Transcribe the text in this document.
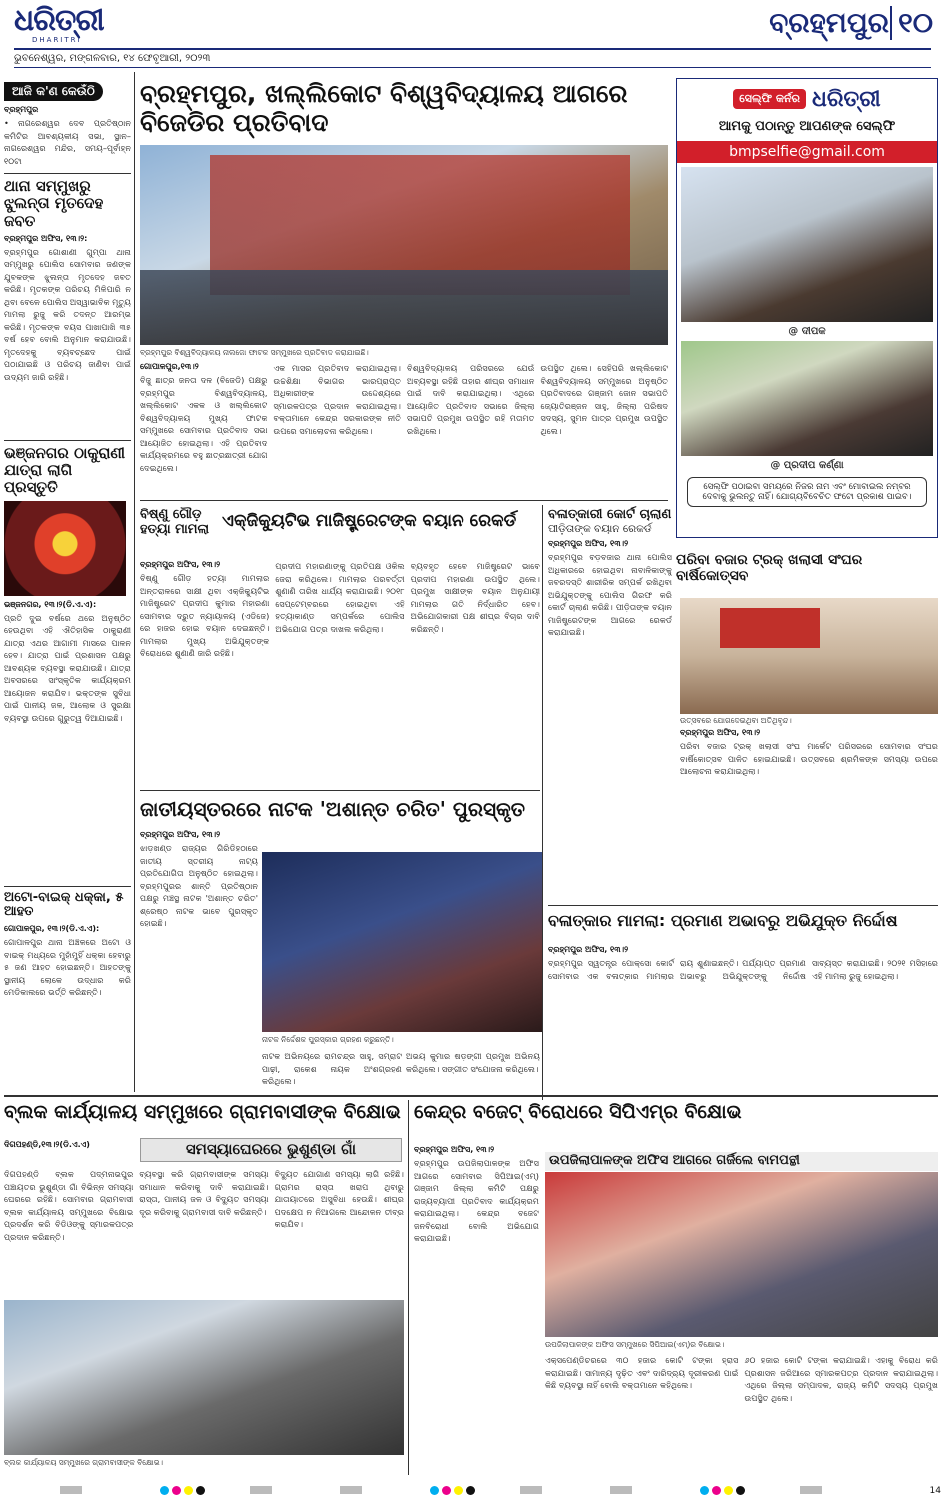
ଧରିତ୍ରୀ
DHARITRI
ବ୍ରହ୍ମପୁର ୧୦
ଭୁବନେଶ୍ୱର, ମଙ୍ଗଳବାର, ୧୪ ଫେବୃଆରୀ, ୨୦୨୩
ଆଜି କ'ଣ କେଉଁଠି
ବ୍ରହ୍ମପୁର
• ନାଗରେଶ୍ୱର ଦେବ ପ୍ରତିଷ୍ଠାନ କମିଟିର ଆବଶ୍ୟକୀୟ ସଭା, ସ୍ଥାନ–ନାଗରେଶ୍ୱର ମନ୍ଦିର, ସମୟ–ପୂର୍ବାହ୍ନ ୧୦ଟା
ଥାନା ସମ୍ମୁଖରୁ ଝୁଲନ୍ତା ମୃତଦେହ ଜବତ
ବ୍ରହ୍ମପୁର ଅଫିସ, ୧୩।୨:
ବ୍ରହ୍ମପୁର ଗୋଶାଣୀ ଗୁମ୍ପା ଥାନା ସମ୍ମୁଖରୁ ପୋଲିସ ସୋମବାର ଜଣଙ୍କ ଯୁବକଙ୍କ ଝୁଲନ୍ତା ମୃତଦେହ ଜବତ କରିଛି। ମୃତକଙ୍କ ପରିଚୟ ମିଳିପାରି ନ ଥିବା ବେଳେ ପୋଲିସ ଅସ୍ୱାଭାବିକ ମୃତ୍ୟୁ ମାମଲା ରୁଜୁ କରି ତଦନ୍ତ ଆରମ୍ଭ କରିଛି। ମୃତକଙ୍କ ବୟସ ପାଖାପାଖି ୩୫ ବର୍ଷ ହେବ ବୋଲି ଅନୁମାନ କରାଯାଉଛି। ମୃତଦେହକୁ ବ୍ୟବଚ୍ଛେଦ ପାଇଁ ପଠାଯାଇଛି ଓ ପରିଚୟ ଜାଣିବା ପାଇଁ ଉଦ୍ୟମ ଜାରି ରହିଛି।
ଭଞ୍ଜନଗର ଠାକୁରାଣୀ ଯାତ୍ରା ଲାଗି ପ୍ରସ୍ତୁତି
ଭଞ୍ଜନଗର, ୧୩।୨(ଡି.ଏ.ଏ):
ପ୍ରତି ଦୁଇ ବର୍ଷରେ ଥରେ ଅନୁଷ୍ଠିତ ହେଉଥିବା ଏହି ଐତିହାସିକ ଠାକୁରାଣୀ ଯାତ୍ରା ଏଥର ଆଗାମୀ ମାସରେ ପାଳନ ହେବ। ଯାତ୍ରା ପାଇଁ ପ୍ରଶାସନ ପକ୍ଷରୁ ଆବଶ୍ୟକ ବ୍ୟବସ୍ଥା କରାଯାଉଛି। ଯାତ୍ରା ଅବସରରେ ସାଂସ୍କୃତିକ କାର୍ଯ୍ୟକ୍ରମ ଆୟୋଜନ କରାଯିବ। ଭକ୍ତଙ୍କ ସୁବିଧା ପାଇଁ ପାନୀୟ ଜଳ, ଆଲୋକ ଓ ସୁରକ୍ଷା ବ୍ୟବସ୍ଥା ଉପରେ ଗୁରୁତ୍ୱ ଦିଆଯାଇଛି।
ଅଟୋ-ବାଇକ୍ ଧକ୍କା, ୫ ଆହତ
ଗୋପାଳପୁର, ୧୩।୨(ଡି.ଏ.ଏ):
ଗୋପାଳପୁର ଥାନା ଅଞ୍ଚଳରେ ଅଟୋ ଓ ବାଇକ୍ ମଧ୍ୟରେ ମୁହାଁମୁହିଁ ଧକ୍କା ହେବାରୁ ୫ ଜଣ ଆହତ ହୋଇଛନ୍ତି। ଆହତଙ୍କୁ ସ୍ଥାନୀୟ ଲୋକେ ଉଦ୍ଧାର କରି ମେଡିକାଲରେ ଭର୍ତ୍ତି କରିଛନ୍ତି।
ବ୍ରହ୍ମପୁର, ଖଲ୍ଲିକୋଟ ବିଶ୍ୱବିଦ୍ୟାଳୟ ଆଗରେ ବିଜେଡିର ପ୍ରତିବାଦ
ବ୍ରହ୍ମପୁର ବିଶ୍ୱବିଦ୍ୟାଳୟ ନାଲଜୋ ଫାଟକ ସମ୍ମୁଖରେ ପ୍ରତିବାଦ କରାଯାଇଛି।
ଗୋପାଳପୁର,୧୩।୨
ବିଜୁ ଛାତ୍ର ଜନତା ଦଳ (ବିଜେଡି) ପକ୍ଷରୁ ବ୍ରହ୍ମପୁର ବିଶ୍ୱବିଦ୍ୟାଳୟ, ଖଲ୍ଲିକୋଟ ଏକକ ଓ ଖଲ୍ଲିକୋଟ ବିଶ୍ୱବିଦ୍ୟାଳୟ ମୁଖ୍ୟ ଫାଟକ ସମ୍ମୁଖରେ ସୋମବାର ପ୍ରତିବାଦ ସଭା ଆୟୋଜିତ ହୋଇଥିଲା। ଏହି ପ୍ରତିବାଦ କାର୍ଯ୍ୟକ୍ରମରେ ବହୁ ଛାତ୍ରଛାତ୍ରୀ ଯୋଗ ଦେଇଥିଲେ।
ଏକ ମାସର ପ୍ରତିବାଦ କରାଯାଇଥିଲା। ଉଚ୍ଚଶିକ୍ଷା ବିଭାଗର ଭାରପ୍ରାପ୍ତ ଅଧିକାରୀଙ୍କ ଉଦ୍ଦେଶ୍ୟରେ ସ୍ମାରକପତ୍ର ପ୍ରଦାନ କରାଯାଇଥିଲା। ବକ୍ତାମାନେ କେନ୍ଦ୍ର ସରକାରଙ୍କ ନୀତି ଉପରେ ସମାଲୋଚନା କରିଥିଲେ।
ବିଶ୍ୱବିଦ୍ୟାଳୟ ପରିସରରେ ଯେଉଁ ଅବ୍ୟବସ୍ଥା ରହିଛି ତାହାର ଶୀଘ୍ର ସମାଧାନ ପାଇଁ ଦାବି କରାଯାଇଥିଲା। ଏଥିରେ ଆୟୋଜିତ ପ୍ରତିବାଦ ସଭାରେ ଜିଲ୍ଲା ସଭାପତି ପ୍ରମୁଖ ଉପସ୍ଥିତ ରହି ମତାମତ ରଖିଥିଲେ।
ଉପସ୍ଥିତ ଥିଲେ। ସେହିପରି ଖଲ୍ଲିକୋଟ ବିଶ୍ୱବିଦ୍ୟାଳୟ ସମ୍ମୁଖରେ ଅନୁଷ୍ଠିତ ପ୍ରତିବାଦରେ ଗଞ୍ଜାମ ଜୋନ ସଭାପତି ଜ୍ୟୋତିରଞ୍ଜନ ସାହୁ, ଜିଲ୍ଲା ପରିଷଦ ସଦସ୍ୟ, ସୁମନ ପାତ୍ର ପ୍ରମୁଖ ଉପସ୍ଥିତ ଥିଲେ।
ସେଲ୍ଫି କର୍ନର ଧରିତ୍ରୀ
ଆମକୁ ପଠାନ୍ତୁ ଆପଣଙ୍କ ସେଲ୍ଫି
bmpselfie@gmail.com
@ ଦୀପକ
@ ପ୍ରଦୀପ କର୍ଣ୍ଣା
ସେଲ୍ଫି ପଠାଇବା ସମୟରେ ନିଜର ନାମ ଏବଂ ମୋବାଇଲ ନମ୍ବର ଦେବାକୁ ଭୁଲନ୍ତୁ ନାହିଁ। ଯୋଗ୍ୟବିବେଚିତ ଫଟୋ ପ୍ରକାଶ ପାଇବ।
ବିଷ୍ଣୁ ଗୌଡ଼ ହତ୍ୟା ମାମଲା ଏକ୍ଜିକ୍ୟୁଟିଭ ମାଜିଷ୍ଟ୍ରେଟଙ୍କ ବୟାନ ରେକର୍ଡ
ବ୍ରହ୍ମପୁର ଅଫିସ, ୧୩।୨
ବିଷ୍ଣୁ ଗୌଡ଼ ହତ୍ୟା ମାମଲାର ଅନ୍ତରାଳରେ ସାକ୍ଷୀ ଥିବା ଏକ୍ଜିକ୍ୟୁଟିଭ ମାଜିଷ୍ଟ୍ରେଟ ପ୍ରଦୀପ କୁମାର ମହାରଣା ସୋମବାର ଦ୍ରୁତ ନ୍ୟାୟାଳୟ (ଏଡିଜେ) ରେ ହାଜର ହୋଇ ବୟାନ ଦେଇଛନ୍ତି। ମାମଲାର ମୁଖ୍ୟ ଅଭିଯୁକ୍ତଙ୍କ ବିରୋଧରେ ଶୁଣାଣି ଜାରି ରହିଛି।
ପ୍ରଦୀପ ମହାରଣାଙ୍କୁ ପ୍ରତିପକ୍ଷ ଓକିଲ ଜେରା କରିଥିଲେ। ମାମଲାର ପରବର୍ତ୍ତୀ ଶୁଣାଣି ତାରିଖ ଧାର୍ଯ୍ୟ କରାଯାଇଛି। ୨୦୧୮ ସେପ୍ଟେମ୍ବରରେ ହୋଇଥିବା ଏହି ହତ୍ୟାକାଣ୍ଡ ସମ୍ପର୍କରେ ପୋଲିସ ଅଭିଯୋଗ ପତ୍ର ଦାଖଲ କରିଥିଲା।
ବ୍ୟବହୃତ ହେବେ ମାଜିଷ୍ଟ୍ରେଟ ଭାବେ ପ୍ରଦୀପ ମହାରଣା ଉପସ୍ଥିତ ଥିଲେ। ପ୍ରମୁଖ ସାକ୍ଷୀଙ୍କ ବୟାନ ଅନୁଯାୟୀ ମାମଲାର ଗତି ନିର୍ଦ୍ଧାରିତ ହେବ। ଅଭିଯୋଗକାରୀ ପକ୍ଷ ଶୀଘ୍ର ବିଚାର ଦାବି କରିଛନ୍ତି।
ବଳାତ୍କାରୀ କୋର୍ଟ ଚାଲାଣ
ପୀଡ଼ିତାଙ୍କ ବୟାନ ରେକର୍ଡ
ବ୍ରହ୍ମପୁର ଅଫିସ, ୧୩।୨
ବ୍ରହ୍ମପୁର ବଡ଼ବଜାର ଥାନା ପୋଲିସ ଅଧିକାରରେ ହୋଇଥିବା ନାବାଳିକାଙ୍କୁ ଜବରଦସ୍ତି ଶାରୀରିକ ସମ୍ପର୍କ ରଖିଥିବା ଅଭିଯୁକ୍ତଙ୍କୁ ପୋଲିସ ଗିରଫ କରି କୋର୍ଟ ଚାଲାଣ କରିଛି। ପୀଡ଼ିତାଙ୍କ ବୟାନ ମାଜିଷ୍ଟ୍ରେଟଙ୍କ ଆଗରେ ରେକର୍ଡ କରାଯାଇଛି।
ପରିବା ବଜାର ଟ୍ରକ୍ ଖଲାସୀ ସଂଘର ବାର୍ଷିକୋତ୍ସବ
ଉତ୍ସବରେ ଯୋଗଦେଇଥିବା ଅତିଥିବୃନ୍ଦ।
ବ୍ରହ୍ମପୁର ଅଫିସ, ୧୩।୨
ପରିବା ବଜାର ଟ୍ରକ୍ ଖଲାସୀ ସଂଘ ମାର୍କେଟ ପରିସରରେ ସୋମବାର ସଂଘର ବାର୍ଷିକୋତ୍ସବ ପାଳିତ ହୋଇଯାଇଛି। ଉତ୍ସବରେ ଶ୍ରମିକଙ୍କ ସମସ୍ୟା ଉପରେ ଆଲୋଚନା କରାଯାଇଥିଲା।
ଜାତୀୟସ୍ତରରେ ନାଟକ 'ଅଶାନ୍ତ ଚରିତ' ପୁରସ୍କୃତ
ବ୍ରହ୍ମପୁର ଅଫିସ, ୧୩।୨
ଝାଡ଼ଖଣ୍ଡ ରାଜ୍ୟର ଗିରିଡିହଠାରେ ଜାତୀୟ ସ୍ତରୀୟ ନାଟ୍ୟ ପ୍ରତିଯୋଗିତା ଅନୁଷ୍ଠିତ ହୋଇଥିଲା। ବ୍ରହ୍ମପୁରର ଶାନ୍ତି ପ୍ରତିଷ୍ଠାନ ପକ୍ଷରୁ ମଞ୍ଚସ୍ଥ ନାଟକ 'ଅଶାନ୍ତ ଚରିତ' ଶ୍ରେଷ୍ଠ ନାଟକ ଭାବେ ପୁରସ୍କୃତ ହୋଇଛି।
ନାଟକ ନିର୍ଦ୍ଦେଶକ ପୁରସ୍କାର ଗ୍ରହଣ କରୁଛନ୍ତି।
ନାଟକ ଅଭିନୟରେ ରାମଚନ୍ଦ୍ର ସାହୁ, ସମ୍ରାଟ ପାଢ଼ୀ, ରାକେଶ ନାୟକ ଅଂଶଗ୍ରହଣ କରିଥିଲେ।
ଅଭୟ କୁମାର ଷଡ଼ଙ୍ଗୀ ପ୍ରମୁଖ ଅଭିନୟ କରିଥିଲେ। ସଙ୍ଗୀତ ସଂଯୋଜନା କରିଥିଲେ।
ବଳାତ୍କାର ମାମଲା: ପ୍ରମାଣ ଅଭାବରୁ ଅଭିଯୁକ୍ତ ନିର୍ଦ୍ଦୋଷ
ବ୍ରହ୍ମପୁର ଅଫିସ, ୧୩।୨
ବ୍ରହ୍ମପୁର ସ୍ୱତନ୍ତ୍ର ପୋକ୍ସୋ କୋର୍ଟ ସୋମବାର ଏକ ବଳାତ୍କାର ମାମଲାର ରାୟ ଶୁଣାଇଛନ୍ତି। ପର୍ଯ୍ୟାପ୍ତ ପ୍ରମାଣ ଅଭାବରୁ ଅଭିଯୁକ୍ତଙ୍କୁ ନିର୍ଦ୍ଦୋଷ ସାବ୍ୟସ୍ତ କରାଯାଇଛି। ୨୦୨୧ ମସିହାରେ ଏହି ମାମଲା ରୁଜୁ ହୋଇଥିଲା।
ବ୍ଲକ କାର୍ଯ୍ୟାଳୟ ସମ୍ମୁଖରେ ଗ୍ରାମବାସୀଙ୍କ ବିକ୍ଷୋଭ
ଦିଗପହଣ୍ଡି,୧୩।୨(ଡି.ଏ.ଏ)	ସମସ୍ୟାଘେରରେ ଭୁଶୁଣ୍ଡା ଗାଁ
ଦିଗପହଣ୍ଡି ବ୍ଲକ ପଦ୍ମନାଭପୁର ପଞ୍ଚାୟତର ଭୁଶୁଣ୍ଡା ଗାଁ ବିଭିନ୍ନ ସମସ୍ୟା ଘେରରେ ରହିଛି। ସୋମବାର ଗ୍ରାମବାସୀ ବ୍ଲକ କାର୍ଯ୍ୟାଳୟ ସମ୍ମୁଖରେ ବିକ୍ଷୋଭ ପ୍ରଦର୍ଶନ କରି ବିଡିଓଙ୍କୁ ସ୍ମାରକପତ୍ର ପ୍ରଦାନ କରିଛନ୍ତି।
ବ୍ୟବସ୍ଥା କରି ଗ୍ରାମବାସୀଙ୍କ ସମସ୍ୟା ସମାଧାନ କରିବାକୁ ଦାବି କରାଯାଇଛି। ରାସ୍ତା, ପାନୀୟ ଜଳ ଓ ବିଦ୍ୟୁତ ସମସ୍ୟା ଦୂର କରିବାକୁ ଗ୍ରାମବାସୀ ଦାବି କରିଛନ୍ତି।
ବିଦ୍ୟୁତ ଯୋଗାଣ ସମସ୍ୟା ଲାଗି ରହିଛି। ଗ୍ରାମର ରାସ୍ତା ଖରାପ ଥିବାରୁ ଯାତାୟାତରେ ଅସୁବିଧା ହେଉଛି। ଶୀଘ୍ର ପଦକ୍ଷେପ ନ ନିଆଗଲେ ଆନ୍ଦୋଳନ ତୀବ୍ର କରାଯିବ।
ବ୍ଲକ କାର୍ଯ୍ୟାଳୟ ସମ୍ମୁଖରେ ଗ୍ରାମବାସୀଙ୍କ ବିକ୍ଷୋଭ।
କେନ୍ଦ୍ର ବଜେଟ୍ ବିରୋଧରେ ସିପିଏମ୍‌ର ବିକ୍ଷୋଭ
ବ୍ରହ୍ମପୁର ଅଫିସ, ୧୩।୨
ବ୍ରହ୍ମପୁର ଉପଜିଲାପାଳଙ୍କ ଅଫିସ ଆଗରେ ସୋମବାର ସିପିଆଇ(ଏମ୍) ଗଞ୍ଜାମ ଜିଲ୍ଲା କମିଟି ପକ୍ଷରୁ ରାଜ୍ୟବ୍ୟାପୀ ପ୍ରତିବାଦ କାର୍ଯ୍ୟକ୍ରମ କରାଯାଇଥିଲା। କେନ୍ଦ୍ର ବଜେଟ ଜନବିରୋଧୀ ବୋଲି ଅଭିଯୋଗ କରାଯାଇଛି।
ଉପଜିଲାପାଳଙ୍କ ଅଫିସ ଆଗରେ ଗର୍ଜିଲେ ବାମପନ୍ଥୀ
ଉପଜିଲାପାଳଙ୍କ ଅଫିସ ସମ୍ମୁଖରେ ସିପିଆଇ(ଏମ୍)ର ବିକ୍ଷୋଭ।
ଏକ୍ସପେଣ୍ଡିଚରରେ ୩୦ ହଜାର କୋଟି ଟଙ୍କା ହ୍ରାସ କରାଯାଇଛି। ସାମାନ୍ୟ ଦୃଢ଼ିତ ଏବଂ ଦାରିଦ୍ର୍ୟ ଦୂରୀକରଣ ପାଇଁ କିଛି ବ୍ୟବସ୍ଥା ନାହିଁ ବୋଲି ବକ୍ତାମାନେ କହିଥିଲେ।
୬୦ ହଜାର କୋଟି ଟଙ୍କା କରାଯାଇଛି। ଏହାକୁ ବିରୋଧ କରି ପ୍ରଶାସନ ଜରିଆରେ ସ୍ମାରକପତ୍ର ପ୍ରଦାନ କରାଯାଇଥିଲା। ଏଥିରେ ଜିଲ୍ଲା ସମ୍ପାଦକ, ରାଜ୍ୟ କମିଟି ସଦସ୍ୟ ପ୍ରମୁଖ ଉପସ୍ଥିତ ଥିଲେ।
14
